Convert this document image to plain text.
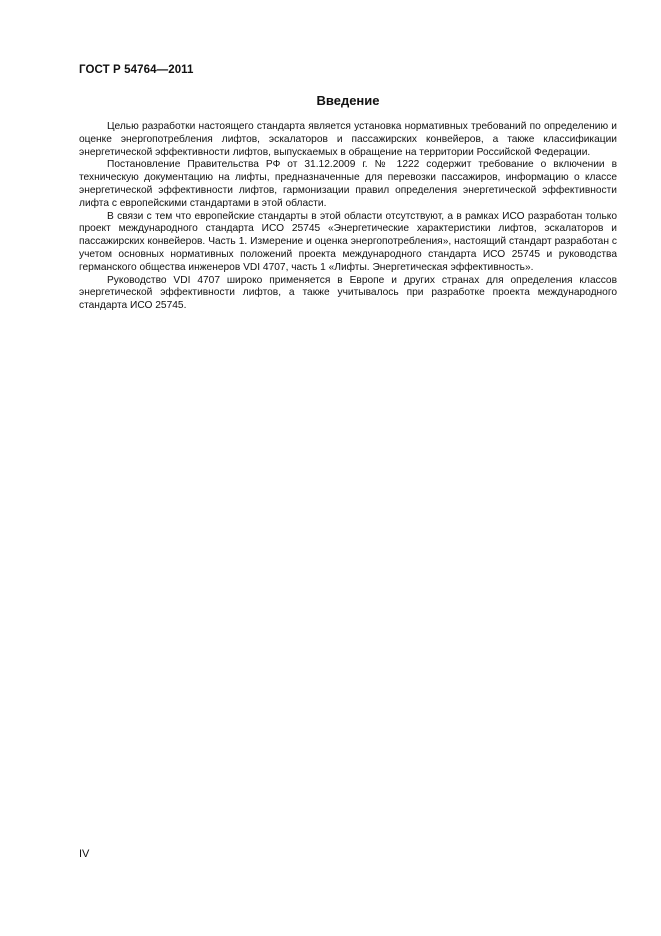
ГОСТ Р 54764—2011
Введение

Целью разработки настоящего стандарта является установка нормативных требований по определению и оценке энергопотребления лифтов, эскалаторов и пассажирских конвейеров, а также классификации энергетической эффективности лифтов, выпускаемых в обращение на территории Российской Федерации.

Постановление Правительства РФ от 31.12.2009 г. № 1222 содержит требование о включении в техническую документацию на лифты, предназначенные для перевозки пассажиров, информацию о классе энергетической эффективности лифтов, гармонизации правил определения энергетической эффективности лифта с европейскими стандартами в этой области.

В связи с тем что европейские стандарты в этой области отсутствуют, а в рамках ИСО разработан только проект международного стандарта ИСО 25745 «Энергетические характеристики лифтов, эскалаторов и пассажирских конвейеров. Часть 1. Измерение и оценка энергопотребления», настоящий стандарт разработан с учетом основных нормативных положений проекта международного стандарта ИСО 25745 и руководства германского общества инженеров VDI 4707, часть 1 «Лифты. Энергетическая эффективность».

Руководство VDI 4707 широко применяется в Европе и других странах для определения классов энергетической эффективности лифтов, а также учитывалось при разработке проекта международного стандарта ИСО 25745.

IV
